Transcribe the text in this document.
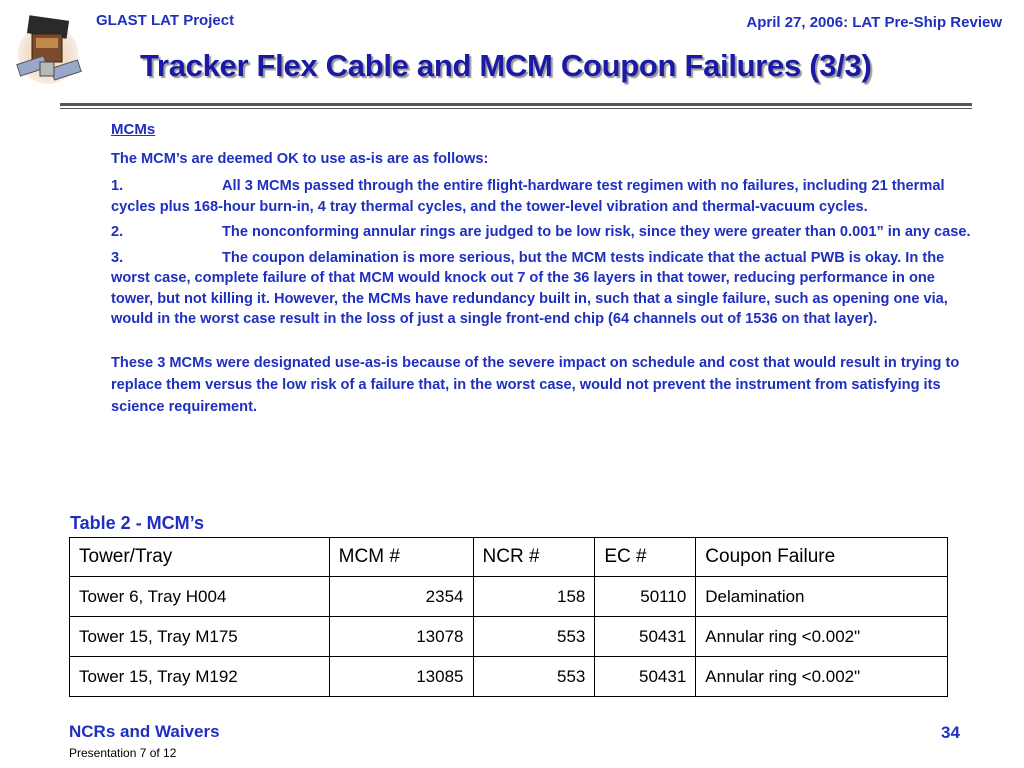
GLAST LAT Project	April 27, 2006: LAT Pre-Ship Review
Tracker Flex Cable and MCM Coupon Failures (3/3)

MCMs

The MCM’s are deemed OK to use as-is are as follows:

1.	All 3 MCMs passed through the entire flight-hardware test regimen with no failures, including 21 thermal cycles plus 168-hour burn-in, 4 tray thermal cycles, and the tower-level vibration and thermal-vacuum cycles.

2.	The nonconforming annular rings are judged to be low risk, since they were greater than 0.001” in any case.

3.	The coupon delamination is more serious, but the MCM tests indicate that the actual PWB is okay. In the worst case, complete failure of that MCM would knock out 7 of the 36 layers in that tower, reducing performance in one tower, but not killing it. However, the MCMs have redundancy built in, such that a single failure, such as opening one via, would in the worst case result in the loss of just a single front-end chip (64 channels out of 1536 on that layer).

These 3 MCMs were designated use-as-is because of the severe impact on schedule and cost that would result in trying to replace them versus the low risk of a failure that, in the worst case, would not prevent the instrument from satisfying its science requirement.

Table 2 - MCM’s
Tower/Tray	MCM #	NCR #	EC #	Coupon Failure
Tower 6, Tray H004	2354	158	50110	Delamination
Tower 15, Tray M175	13078	553	50431	Annular ring <0.002"
Tower 15, Tray M192	13085	553	50431	Annular ring <0.002"
NCRs and Waivers
Presentation 7 of 12
34
